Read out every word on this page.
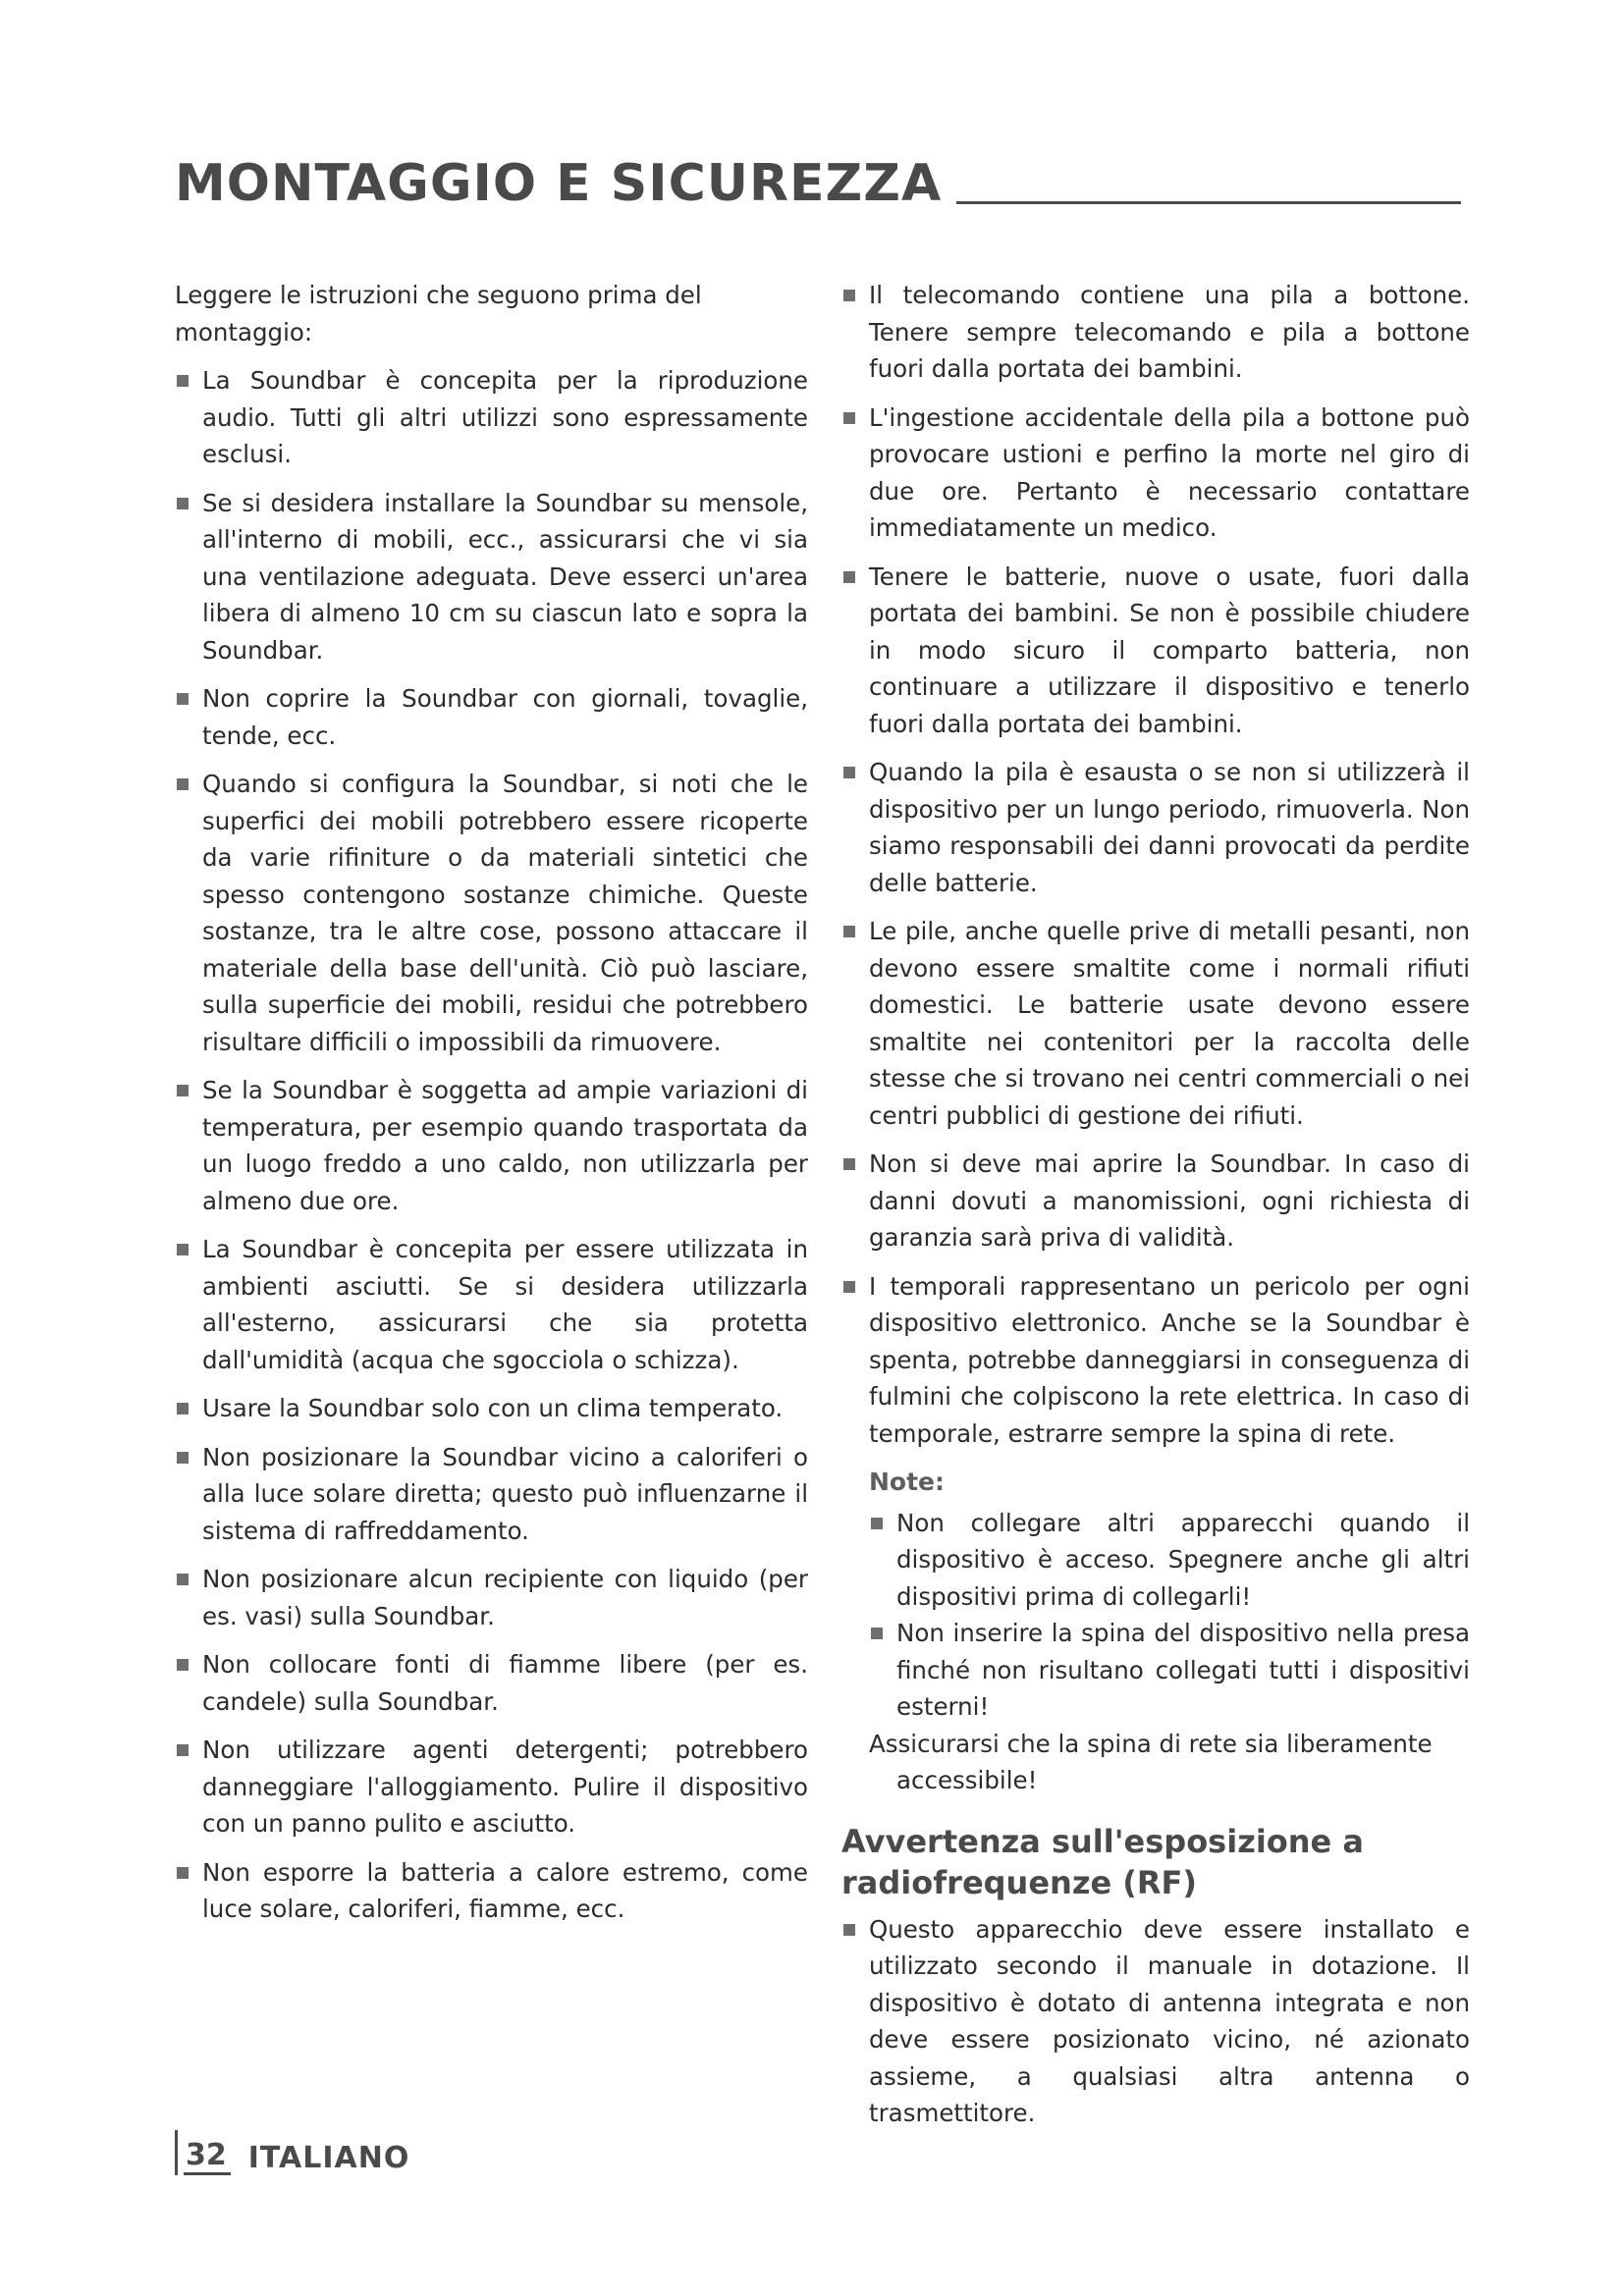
MONTAGGIO E SICUREZZA

Leggere le istruzioni che seguono prima del montaggio:

La Soundbar è concepita per la riproduzione audio. Tutti gli altri utilizzi sono espressamente esclusi.
Se si desidera installare la Soundbar su mensole, all'interno di mobili, ecc., assicurarsi che vi sia una ventilazione adeguata. Deve esserci un'area libera di almeno 10 cm su ciascun lato e sopra la Soundbar.
Non coprire la Soundbar con giornali, tovaglie, tende, ecc.
Quando si configura la Soundbar, si noti che le superfici dei mobili potrebbero essere ricoperte da varie rifiniture o da materiali sintetici che spesso contengono sostanze chimiche. Queste sostanze, tra le altre cose, possono attaccare il materiale della base dell'unità. Ciò può lasciare, sulla superficie dei mobili, residui che potrebbero risultare difficili o impossibili da rimuovere.
Se la Soundbar è soggetta ad ampie variazioni di temperatura, per esempio quando trasportata da un luogo freddo a uno caldo, non utilizzarla per almeno due ore.
La Soundbar è concepita per essere utilizzata in ambienti asciutti. Se si desidera utilizzarla all'esterno, assicurarsi che sia protetta dall'umidità (acqua che sgocciola o schizza).
Usare la Soundbar solo con un clima temperato.
Non posizionare la Soundbar vicino a caloriferi o alla luce solare diretta; questo può influenzarne il sistema di raffreddamento.
Non posizionare alcun recipiente con liquido (per es. vasi) sulla Soundbar.
Non collocare fonti di fiamme libere (per es. candele) sulla Soundbar.
Non utilizzare agenti detergenti; potrebbero danneggiare l'alloggiamento. Pulire il dispositivo con un panno pulito e asciutto.
Non esporre la batteria a calore estremo, come luce solare, caloriferi, fiamme, ecc.
Il telecomando contiene una pila a bottone. Tenere sempre telecomando e pila a bottone fuori dalla portata dei bambini.
L'ingestione accidentale della pila a bottone può provocare ustioni e perfino la morte nel giro di due ore. Pertanto è necessario contattare immediatamente un medico.
Tenere le batterie, nuove o usate, fuori dalla portata dei bambini. Se non è possibile chiudere in modo sicuro il comparto batteria, non continuare a utilizzare il dispositivo e tenerlo fuori dalla portata dei bambini.
Quando la pila è esausta o se non si utilizzerà il dispositivo per un lungo periodo, rimuoverla. Non siamo responsabili dei danni provocati da perdite delle batterie.
Le pile, anche quelle prive di metalli pesanti, non devono essere smaltite come i normali rifiuti domestici. Le batterie usate devono essere smaltite nei contenitori per la raccolta delle stesse che si trovano nei centri commerciali o nei centri pubblici di gestione dei rifiuti.
Non si deve mai aprire la Soundbar. In caso di danni dovuti a manomissioni, ogni richiesta di garanzia sarà priva di validità.
I temporali rappresentano un pericolo per ogni dispositivo elettronico. Anche se la Soundbar è spenta, potrebbe danneggiarsi in conseguenza di fulmini che colpiscono la rete elettrica. In caso di temporale, estrarre sempre la spina di rete.
Note:
Non collegare altri apparecchi quando il dispositivo è acceso. Spegnere anche gli altri dispositivi prima di collegarli!
Non inserire la spina del dispositivo nella presa finché non risultano collegati tutti i dispositivi esterni!

Assicurarsi che la spina di rete sia liberamente
accessibile!

Avvertenza sull'esposizione a radiofrequenze (RF)
Questo apparecchio deve essere installato e utilizzato secondo il manuale in dotazione. Il dispositivo è dotato di antenna integrata e non deve essere posizionato vicino, né azionato assieme, a qualsiasi altra antenna o trasmettitore.
32 ITALIANO
